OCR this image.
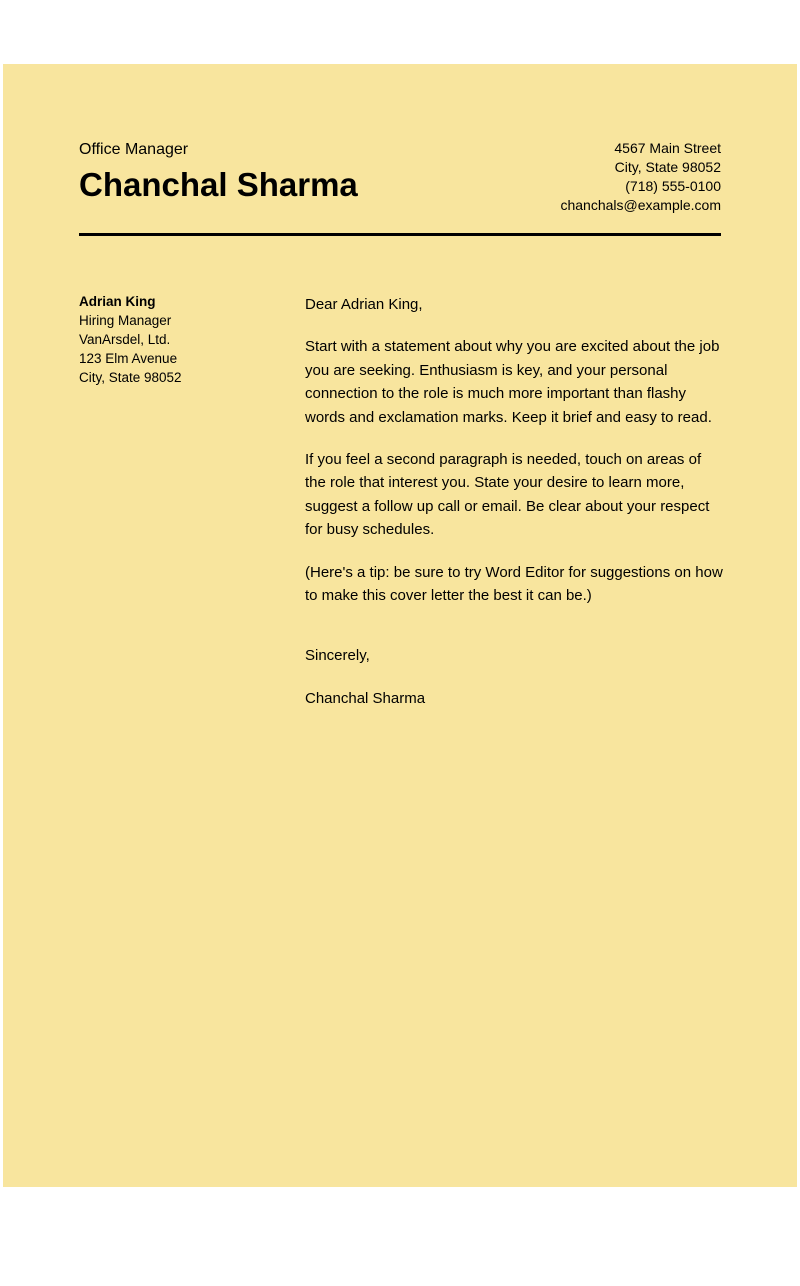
Office Manager
Chanchal Sharma
4567 Main Street
City, State 98052
(718) 555-0100
chanchals@example.com
Adrian King
Hiring Manager
VanArsdel, Ltd.
123 Elm Avenue
City, State 98052

Dear Adrian King,

Start with a statement about why you are excited about the job you are seeking. Enthusiasm is key, and your personal connection to the role is much more important than flashy words and exclamation marks. Keep it brief and easy to read.

If you feel a second paragraph is needed, touch on areas of the role that interest you. State your desire to learn more, suggest a follow up call or email. Be clear about your respect for busy schedules.

(Here's a tip: be sure to try Word Editor for suggestions on how to make this cover letter the best it can be.)

Sincerely,

Chanchal Sharma
